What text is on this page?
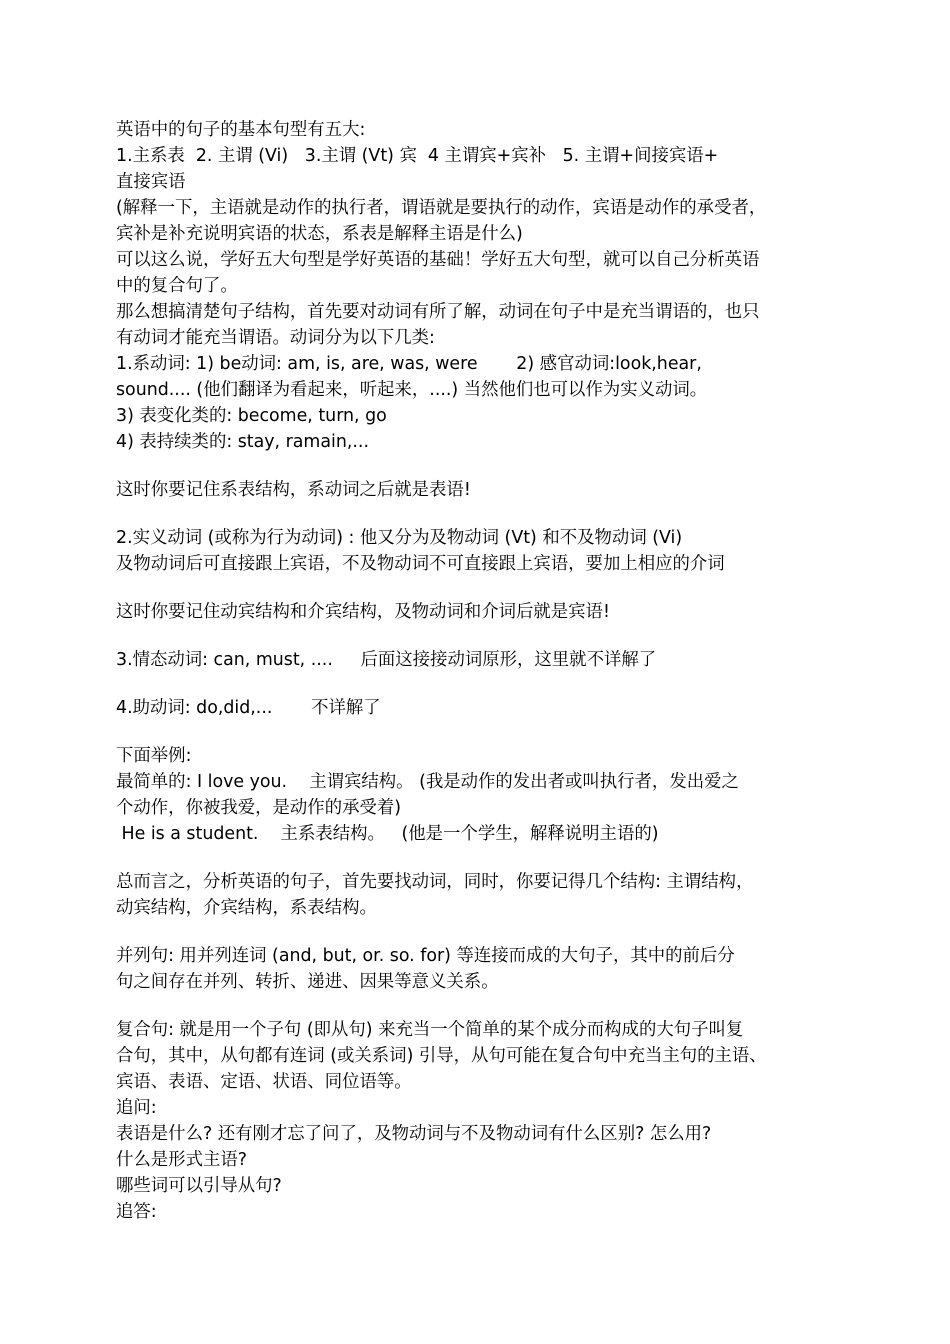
英语中的句子的基本句型有五大:
1.主系表  2. 主谓 (Vi)   3.主谓 (Vt) 宾  4 主谓宾+宾补   5. 主谓+间接宾语+
直接宾语
(解释一下，主语就是动作的执行者，谓语就是要执行的动作，宾语是动作的承受者，
宾补是补充说明宾语的状态，系表是解释主语是什么)
可以这么说，学好五大句型是学好英语的基础！学好五大句型，就可以自己分析英语
中的复合句了。
那么想搞清楚句子结构，首先要对动词有所了解，动词在句子中是充当谓语的，也只
有动词才能充当谓语。动词分为以下几类:
1.系动词: 1) be动词: am, is, are, was, were       2) 感官动词:look,hear,
sound.... (他们翻译为看起来，听起来，....) 当然他们也可以作为实义动词。
3) 表变化类的: become, turn, go
4) 表持续类的: stay, ramain,...
这时你要记住系表结构，系动词之后就是表语!
2.实义动词 (或称为行为动词) : 他又分为及物动词 (Vt) 和不及物动词 (Vi)
及物动词后可直接跟上宾语，不及物动词不可直接跟上宾语，要加上相应的介词
这时你要记住动宾结构和介宾结构，及物动词和介词后就是宾语!
3.情态动词: can, must, ....     后面这接接动词原形，这里就不详解了
4.助动词: do,did,...       不详解了
下面举例:
最简单的: I love you.    主谓宾结构。 (我是动作的发出者或叫执行者，发出爱之
个动作，你被我爱，是动作的承受着)
He is a student.    主系表结构。   (他是一个学生，解释说明主语的)
总而言之，分析英语的句子，首先要找动词，同时，你要记得几个结构: 主谓结构，
动宾结构，介宾结构，系表结构。
并列句: 用并列连词 (and, but, or. so. for) 等连接而成的大句子，其中的前后分
句之间存在并列、转折、递进、因果等意义关系。
复合句: 就是用一个子句 (即从句) 来充当一个简单的某个成分而构成的大句子叫复
合句，其中，从句都有连词 (或关系词) 引导，从句可能在复合句中充当主句的主语、
宾语、表语、定语、状语、同位语等。
追问:
表语是什么? 还有刚才忘了问了，及物动词与不及物动词有什么区别? 怎么用?
什么是形式主语?
哪些词可以引导从句?
追答:
